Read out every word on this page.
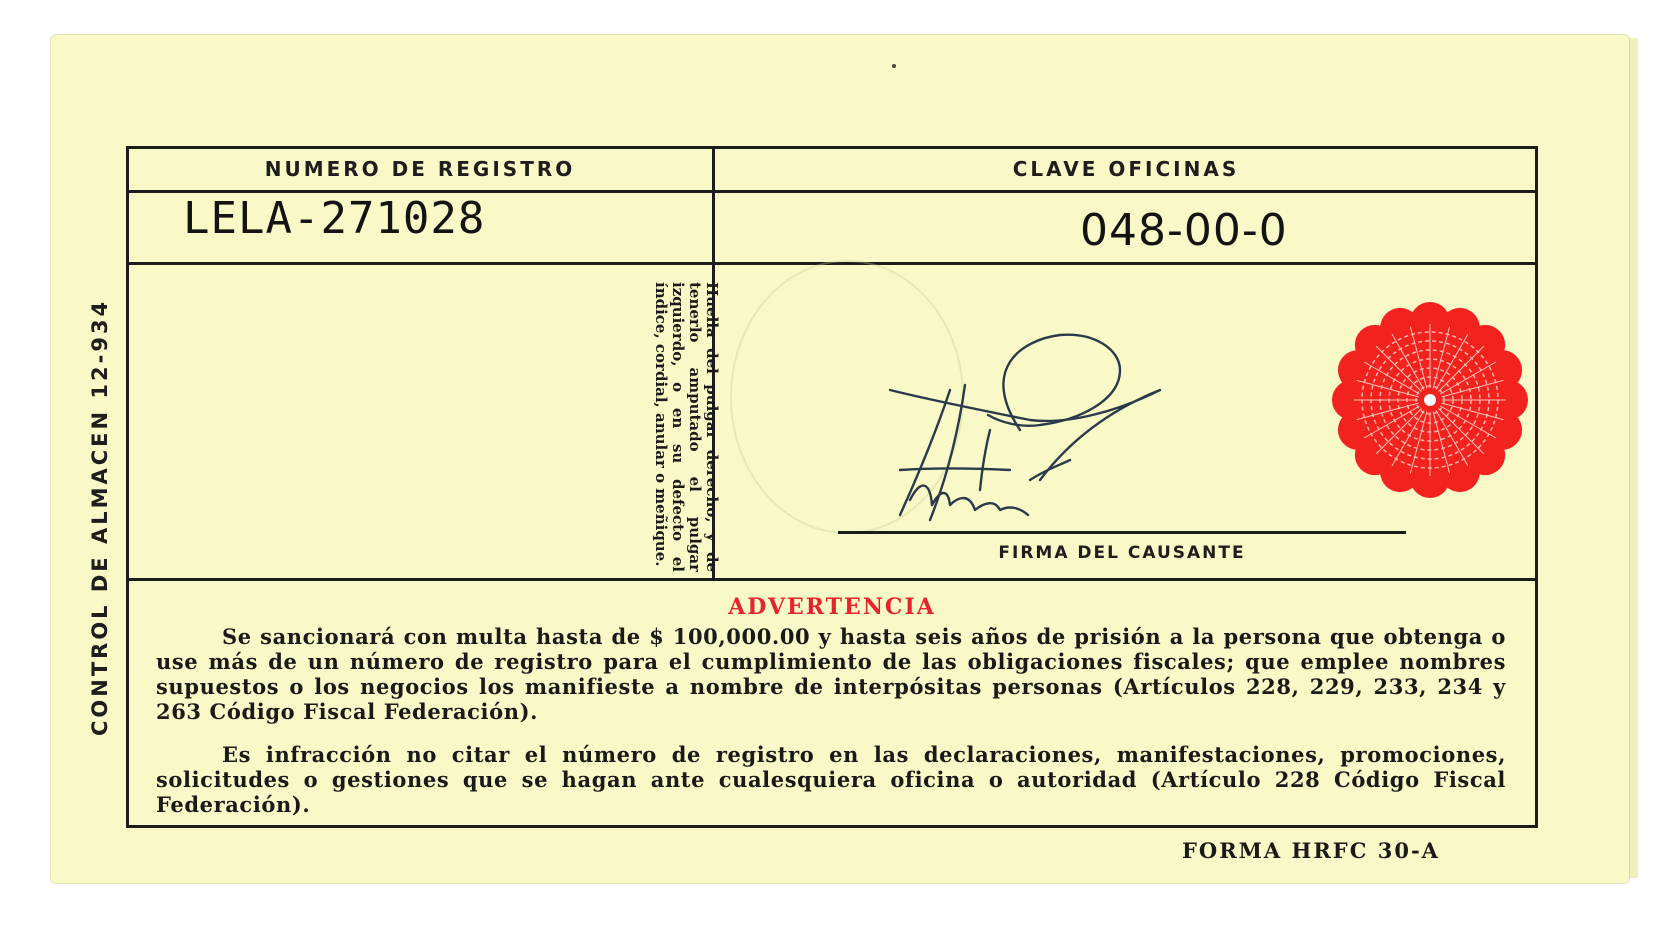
CONTROL DE ALMACEN 12-934
NUMERO DE REGISTRO	CLAVE OFICINAS
LELA-271028	048-00-0
Huella del pulgar derecho, y de tenerlo amputado el pulgar izquierdo, o en su defecto el índice, cordial, anular o meñique.	FIRMA DEL CAUSANTE
ADVERTENCIA
Se sancionará con multa hasta de $ 100,000.00 y hasta seis años de prisión a la persona que obtenga o use más de un número de registro para el cumplimiento de las obligaciones fiscales; que emplee nombres supuestos o los negocios los manifieste a nombre de interpósitas personas (Artículos 228, 229, 233, 234 y 263 Código Fiscal Federación).
Es infracción no citar el número de registro en las declaraciones, manifestaciones, promociones, solicitudes o gestiones que se hagan ante cualesquiera oficina o autoridad (Artículo 228 Código Fiscal Federación).
FORMA HRFC 30-A
